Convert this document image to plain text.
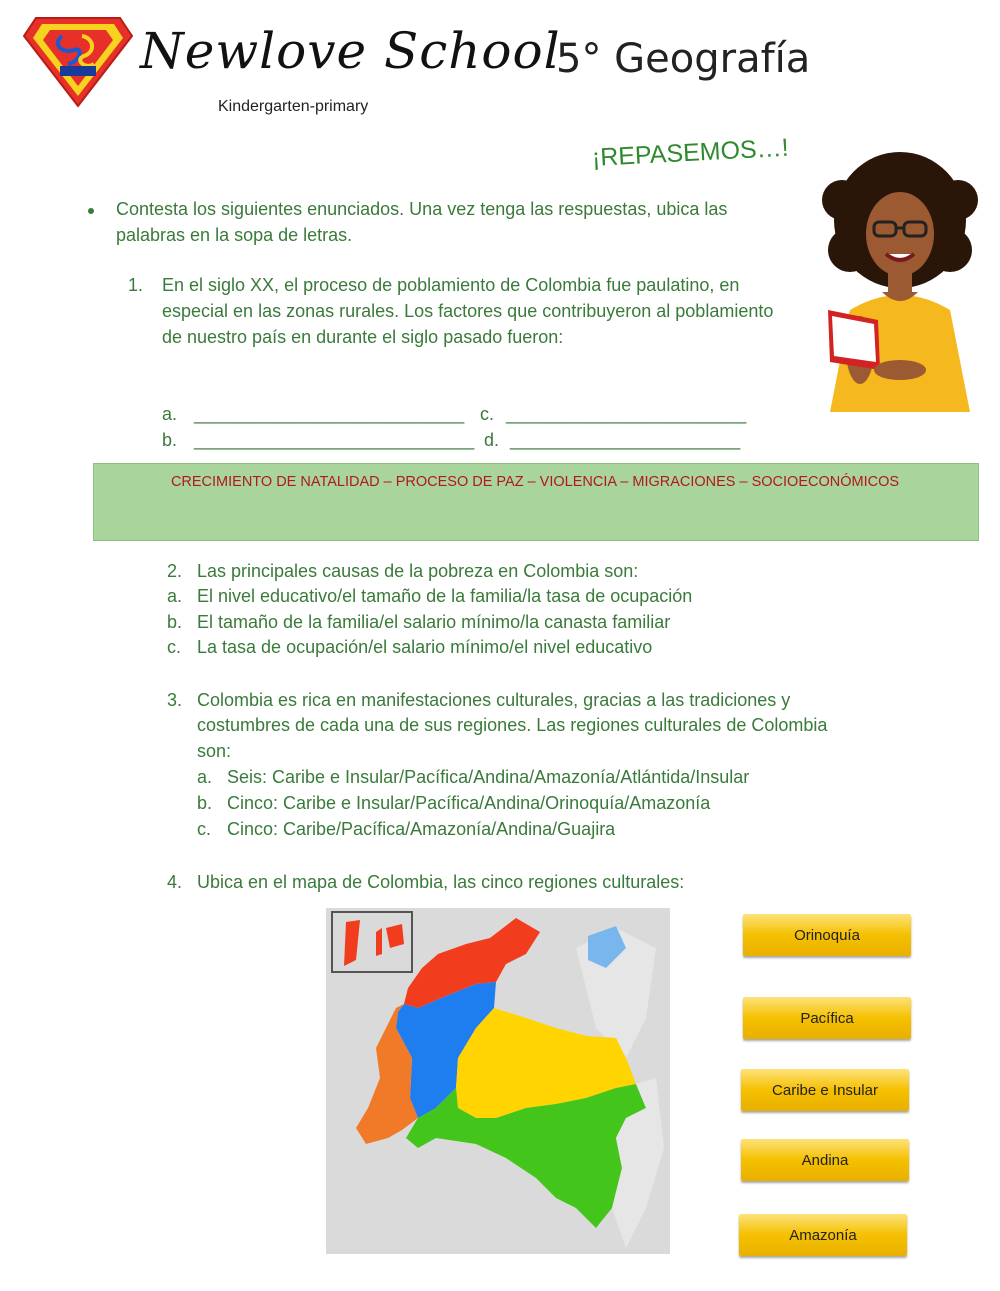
Newlove School
5° Geografía
Kindergarten-primary
¡REPASEMOS…!
Contesta los siguientes enunciados. Una vez tenga las respuestas, ubica las palabras en la sopa de letras.
1. En el siglo XX, el proceso de poblamiento de Colombia fue paulatino, en especial en las zonas rurales. Los factores que contribuyeron al poblamiento de nuestro país en durante el siglo pasado fueron:
a. ___________________________ c. ________________________
b. ____________________________ d. _______________________
CRECIMIENTO DE NATALIDAD – PROCESO DE PAZ – VIOLENCIA – MIGRACIONES – SOCIOECONÓMICOS
2. Las principales causas de la pobreza en Colombia son:
a. El nivel educativo/el tamaño de la familia/la tasa de ocupación
b. El tamaño de la familia/el salario mínimo/la canasta familiar
c. La tasa de ocupación/el salario mínimo/el nivel educativo
3. Colombia es rica en manifestaciones culturales, gracias a las tradiciones y
costumbres de cada una de sus regiones. Las regiones culturales de Colombia
son:
a. Seis: Caribe e Insular/Pacífica/Andina/Amazonía/Atlántida/Insular
b. Cinco: Caribe e Insular/Pacífica/Andina/Orinoquía/Amazonía
c. Cinco: Caribe/Pacífica/Amazonía/Andina/Guajira
4. Ubica en el mapa de Colombia, las cinco regiones culturales:
Orinoquía
Pacífica
Caribe e Insular
Andina
Amazonía
